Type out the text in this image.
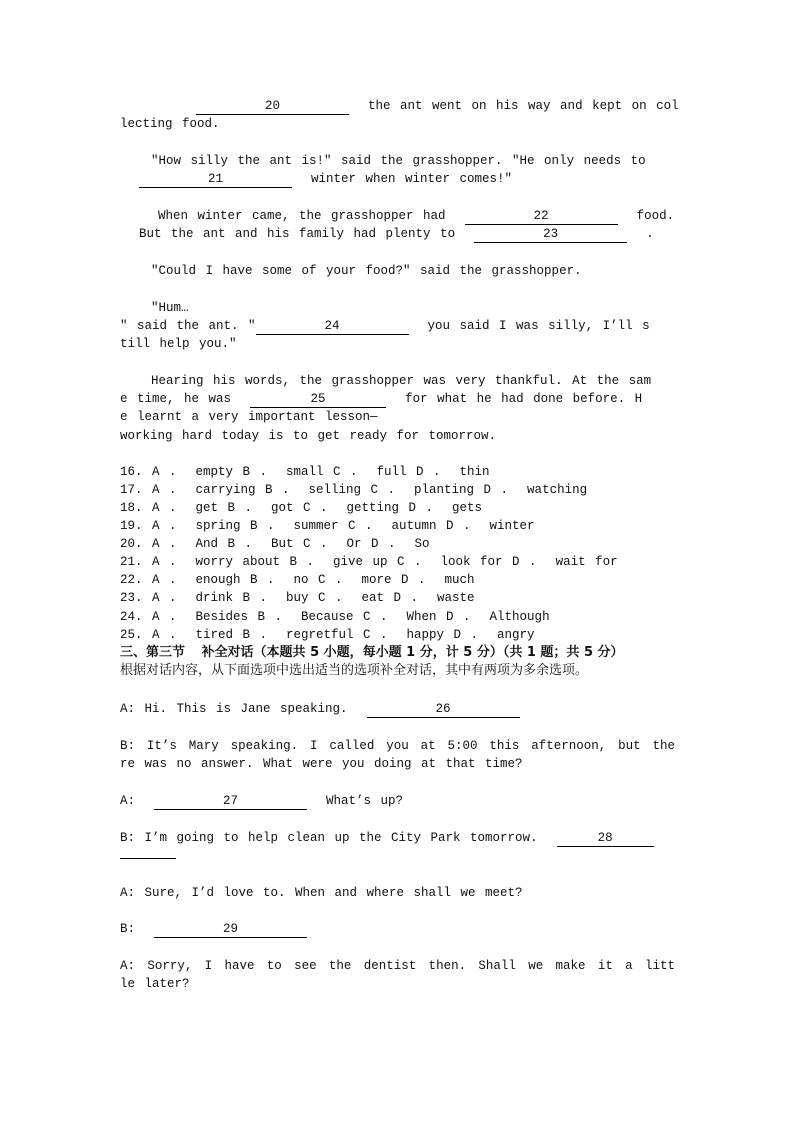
20	the ant went on his way and kept on col
lecting food.
″How silly the ant is!″ said the grasshopper. ″He only needs to
21	winter when winter comes!″
When winter came, the grasshopper had	22	food.
But the ant and his family had plenty to	23	.
″Could I have some of your food?″ said the grasshopper.
″Hum…
″ said the ant. ″	24	you said I was silly, I’ll s
till help you.″
Hearing his words, the grasshopper was very thankful. At the sam
e time, he was	25	for what he had done before. H
e learnt a very important lesson—
working hard today is to get ready for tomorrow.
16. A .  empty B .  small C .  full D .  thin
17. A .  carrying B .  selling C .  planting D .  watching
18. A .  get B .  got C .  getting D .  gets
19. A .  spring B .  summer C .  autumn D .  winter
20. A .  And B .  But C .  Or D .  So
21. A .  worry about B .  give up C .  look for D .  wait for
22. A .  enough B .  no C .  more D .  much
23. A .  drink B .  buy C .  eat D .  waste
24. A .  Besides B .  Because C .  When D .  Although
25. A .  tired B .  regretful C .  happy D .  angry
三、第三节 补全对话（本题共 5 小题，每小题 1 分，计 5 分）（共 1 题；共 5 分）
根据对话内容，从下面选项中选出适当的选项补全对话，其中有两项为多余选项。
A: Hi. This is Jane speaking.	26
B: It’s Mary speaking. I called you at 5:00 this afternoon, but the
re was no answer. What were you doing at that time?
A:	27	What’s up?
B: I’m going to help clean up the City Park tomorrow.	28
A: Sure, I’d love to. When and where shall we meet?
B:	29
A: Sorry, I have to see the dentist then. Shall we make it a litt
le later?
